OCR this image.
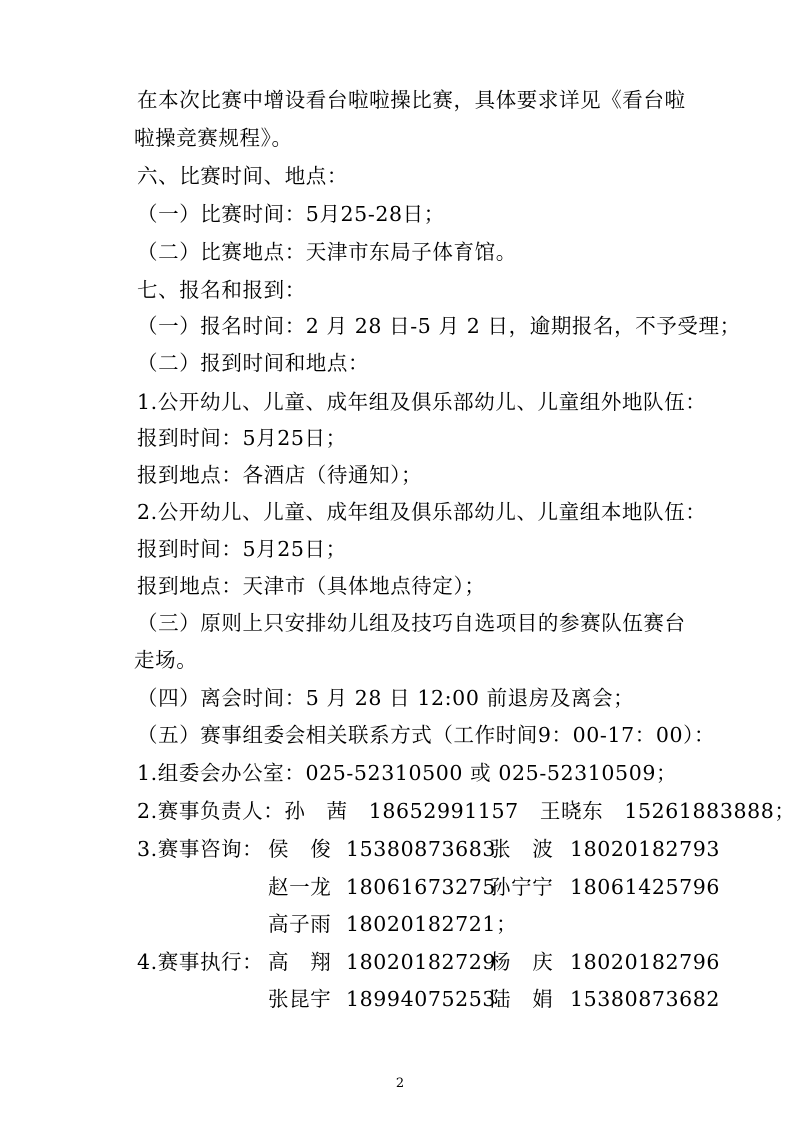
在本次比赛中增设看台啦啦操比赛，具体要求详见《看台啦
啦操竞赛规程》。
六、比赛时间、地点：
（一）比赛时间：5月25-28日；
（二）比赛地点：天津市东局子体育馆。
七、报名和报到：
（一）报名时间：2 月 28 日-5 月 2 日，逾期报名，不予受理；
（二）报到时间和地点：
1.公开幼儿、儿童、成年组及俱乐部幼儿、儿童组外地队伍：
报到时间：5月25日；
报到地点：各酒店（待通知）；
2.公开幼儿、儿童、成年组及俱乐部幼儿、儿童组本地队伍：
报到时间：5月25日；
报到地点：天津市（具体地点待定）；
（三）原则上只安排幼儿组及技巧自选项目的参赛队伍赛台
走场。
（四）离会时间：5 月 28 日 12:00 前退房及离会；
（五）赛事组委会相关联系方式（工作时间9：00-17：00）：
1.组委会办公室：025-52310500 或 025-52310509；
2.赛事负责人：孙　茜　18652991157　王晓东　15261883888；
3.赛事咨询： 侯　俊 15380873683
张　波 18020182793
赵一龙 18061673275
孙宁宁 18061425796
高子雨 18020182721；
4.赛事执行： 高　翔 18020182729
杨　庆 18020182796
张昆宇 18994075253
陆　娟 15380873682
2
